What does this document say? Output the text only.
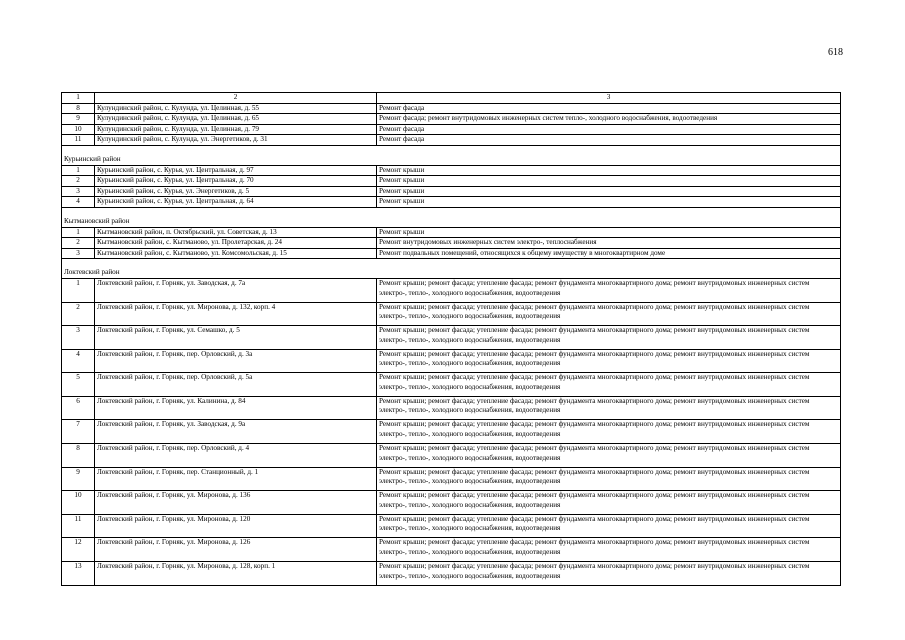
618
1	2	3
8	Кулундинский район, с. Кулунда, ул. Целинная, д. 55	Ремонт фасада
9	Кулундинский район, с. Кулунда, ул. Целинная, д. 65	Ремонт фасада; ремонт внутридомовых инженерных систем тепло-, холодного водоснабжения, водоотведения
10	Кулундинский район, с. Кулунда, ул. Целинная, д. 79	Ремонт фасада
11	Кулундинский район, с. Кулунда, ул. Энергетиков, д. 31	Ремонт фасада
Курьинский район		
1	Курьинский район, с. Курья, ул. Центральная, д. 97	Ремонт крыши
2	Курьинский район, с. Курья, ул. Центральная, д. 70	Ремонт крыши
3	Курьинский район, с. Курья, ул. Энергетиков, д. 5	Ремонт крыши
4	Курьинский район, с. Курья, ул. Центральная, д. 64	Ремонт крыши
Кытмановский район		
1	Кытмановский район, п. Октябрьский, ул. Советская, д. 13	Ремонт крыши
2	Кытмановский район, с. Кытманово, ул. Пролетарская, д. 24	Ремонт внутридомовых инженерных систем электро-, теплоснабжения
3	Кытмановский район, с. Кытманово, ул. Комсомольская, д. 15	Ремонт подвальных помещений, относящихся к общему имуществу в многоквартирном доме
Локтевский район		
1	Локтевский район, г. Горняк, ул. Заводская, д. 7а	Ремонт крыши; ремонт фасада; утепление фасада; ремонт фундамента многоквартирного дома; ремонт внутридомовых инженерных систем электро-, тепло-, холодного водоснабжения, водоотведения
2	Локтевский район, г. Горняк, ул. Миронова, д. 132, корп. 4	Ремонт крыши; ремонт фасада; утепление фасада; ремонт фундамента многоквартирного дома; ремонт внутридомовых инженерных систем электро-, тепло-, холодного водоснабжения, водоотведения
3	Локтевский район, г. Горняк, ул. Семашко, д. 5	Ремонт крыши; ремонт фасада; утепление фасада; ремонт фундамента многоквартирного дома; ремонт внутридомовых инженерных систем электро-, тепло-, холодного водоснабжения, водоотведения
4	Локтевский район, г. Горняк, пер. Орловский, д. 3а	Ремонт крыши; ремонт фасада; утепление фасада; ремонт фундамента многоквартирного дома; ремонт внутридомовых инженерных систем электро-, тепло-, холодного водоснабжения, водоотведения
5	Локтевский район, г. Горняк, пер. Орловский, д. 5а	Ремонт крыши; ремонт фасада; утепление фасада; ремонт фундамента многоквартирного дома; ремонт внутридомовых инженерных систем электро-, тепло-, холодного водоснабжения, водоотведения
6	Локтевский район, г. Горняк, ул. Калинина, д. 84	Ремонт крыши; ремонт фасада; утепление фасада; ремонт фундамента многоквартирного дома; ремонт внутридомовых инженерных систем электро-, тепло-, холодного водоснабжения, водоотведения
7	Локтевский район, г. Горняк, ул. Заводская, д. 9а	Ремонт крыши; ремонт фасада; утепление фасада; ремонт фундамента многоквартирного дома; ремонт внутридомовых инженерных систем электро-, тепло-, холодного водоснабжения, водоотведения
8	Локтевский район, г. Горняк, пер. Орловский, д. 4	Ремонт крыши; ремонт фасада; утепление фасада; ремонт фундамента многоквартирного дома; ремонт внутридомовых инженерных систем электро-, тепло-, холодного водоснабжения, водоотведения
9	Локтевский район, г. Горняк, пер. Станционный, д. 1	Ремонт крыши; ремонт фасада; утепление фасада; ремонт фундамента многоквартирного дома; ремонт внутридомовых инженерных систем электро-, тепло-, холодного водоснабжения, водоотведения
10	Локтевский район, г. Горняк, ул. Миронова, д. 136	Ремонт крыши; ремонт фасада; утепление фасада; ремонт фундамента многоквартирного дома; ремонт внутридомовых инженерных систем электро-, тепло-, холодного водоснабжения, водоотведения
11	Локтевский район, г. Горняк, ул. Миронова, д. 120	Ремонт крыши; ремонт фасада; утепление фасада; ремонт фундамента многоквартирного дома; ремонт внутридомовых инженерных систем электро-, тепло-, холодного водоснабжения, водоотведения
12	Локтевский район, г. Горняк, ул. Миронова, д. 126	Ремонт крыши; ремонт фасада; утепление фасада; ремонт фундамента многоквартирного дома; ремонт внутридомовых инженерных систем электро-, тепло-, холодного водоснабжения, водоотведения
13	Локтевский район, г. Горняк, ул. Миронова, д. 128, корп. 1	Ремонт крыши; ремонт фасада; утепление фасада; ремонт фундамента многоквартирного дома; ремонт внутридомовых инженерных систем электро-, тепло-, холодного водоснабжения, водоотведения
